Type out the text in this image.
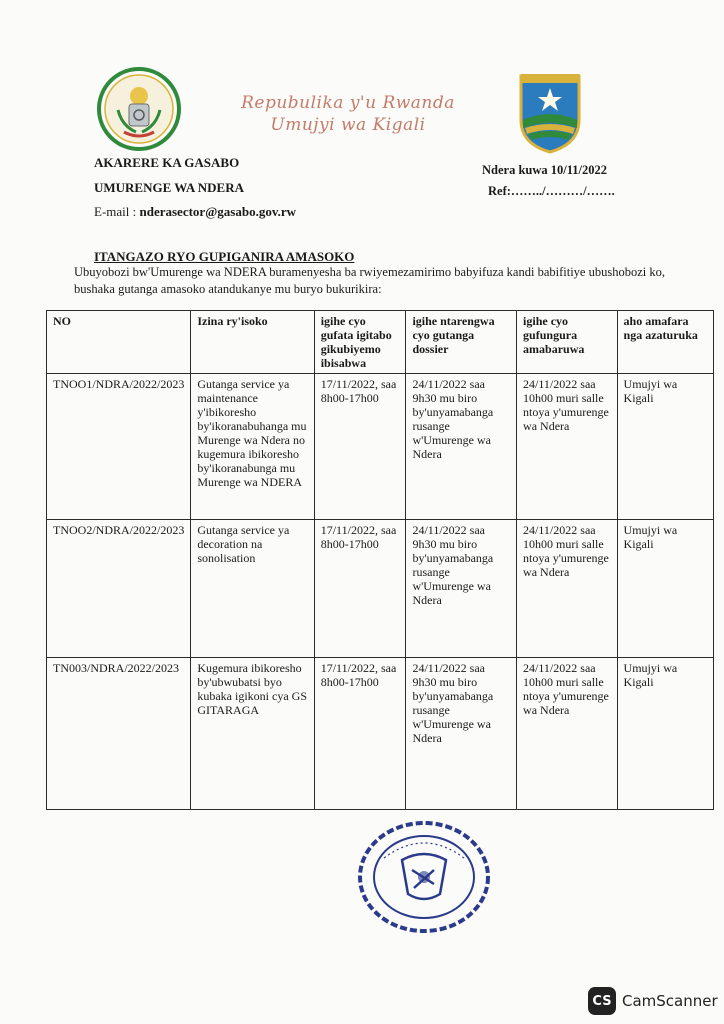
Repubulika y'u Rwanda
Umujyi wa Kigali
AKARERE KA GASABO
UMURENGE WA NDERA
E-mail : nderasector@gasabo.gov.rw
Ndera kuwa 10/11/2022
Ref:……../………/…….
ITANGAZO RYO GUPIGANIRA AMASOKO
Ubuyobozi bw'Umurenge wa NDERA buramenyesha ba rwiyemezamirimo babyifuza kandi babifitiye ubushobozi ko, bushaka gutanga amasoko atandukanye mu buryo bukurikira:
NO	Izina ry'isoko	igihe cyo gufata igitabo gikubiyemo ibisabwa	igihe ntarengwa cyo gutanga dossier	igihe cyo gufungura amabaruwa	aho amafara nga azaturuka
TNOO1/NDRA/2022/2023	Gutanga service ya maintenance y'ibikoresho by'ikoranabuhanga mu Murenge wa Ndera no kugemura ibikoresho by'ikoranabunga mu Murenge wa NDERA	17/11/2022, saa 8h00-17h00	24/11/2022 saa 9h30 mu biro by'unyamabanga rusange w'Umurenge wa Ndera	24/11/2022 saa 10h00 muri salle ntoya y'umurenge wa Ndera	Umujyi wa Kigali
TNOO2/NDRA/2022/2023	Gutanga service ya decoration na sonolisation	17/11/2022, saa 8h00-17h00	24/11/2022 saa 9h30 mu biro by'unyamabanga rusange w'Umurenge wa Ndera	24/11/2022 saa 10h00 muri salle ntoya y'umurenge wa Ndera	Umujyi wa Kigali
TN003/NDRA/2022/2023	Kugemura ibikoresho by'ubwubatsi byo kubaka igikoni cya GS GITARAGA	17/11/2022, saa 8h00-17h00	24/11/2022 saa 9h30 mu biro by'unyamabanga rusange w'Umurenge wa Ndera	24/11/2022 saa 10h00 muri salle ntoya y'umurenge wa Ndera	Umujyi wa Kigali
CS CamScanner
